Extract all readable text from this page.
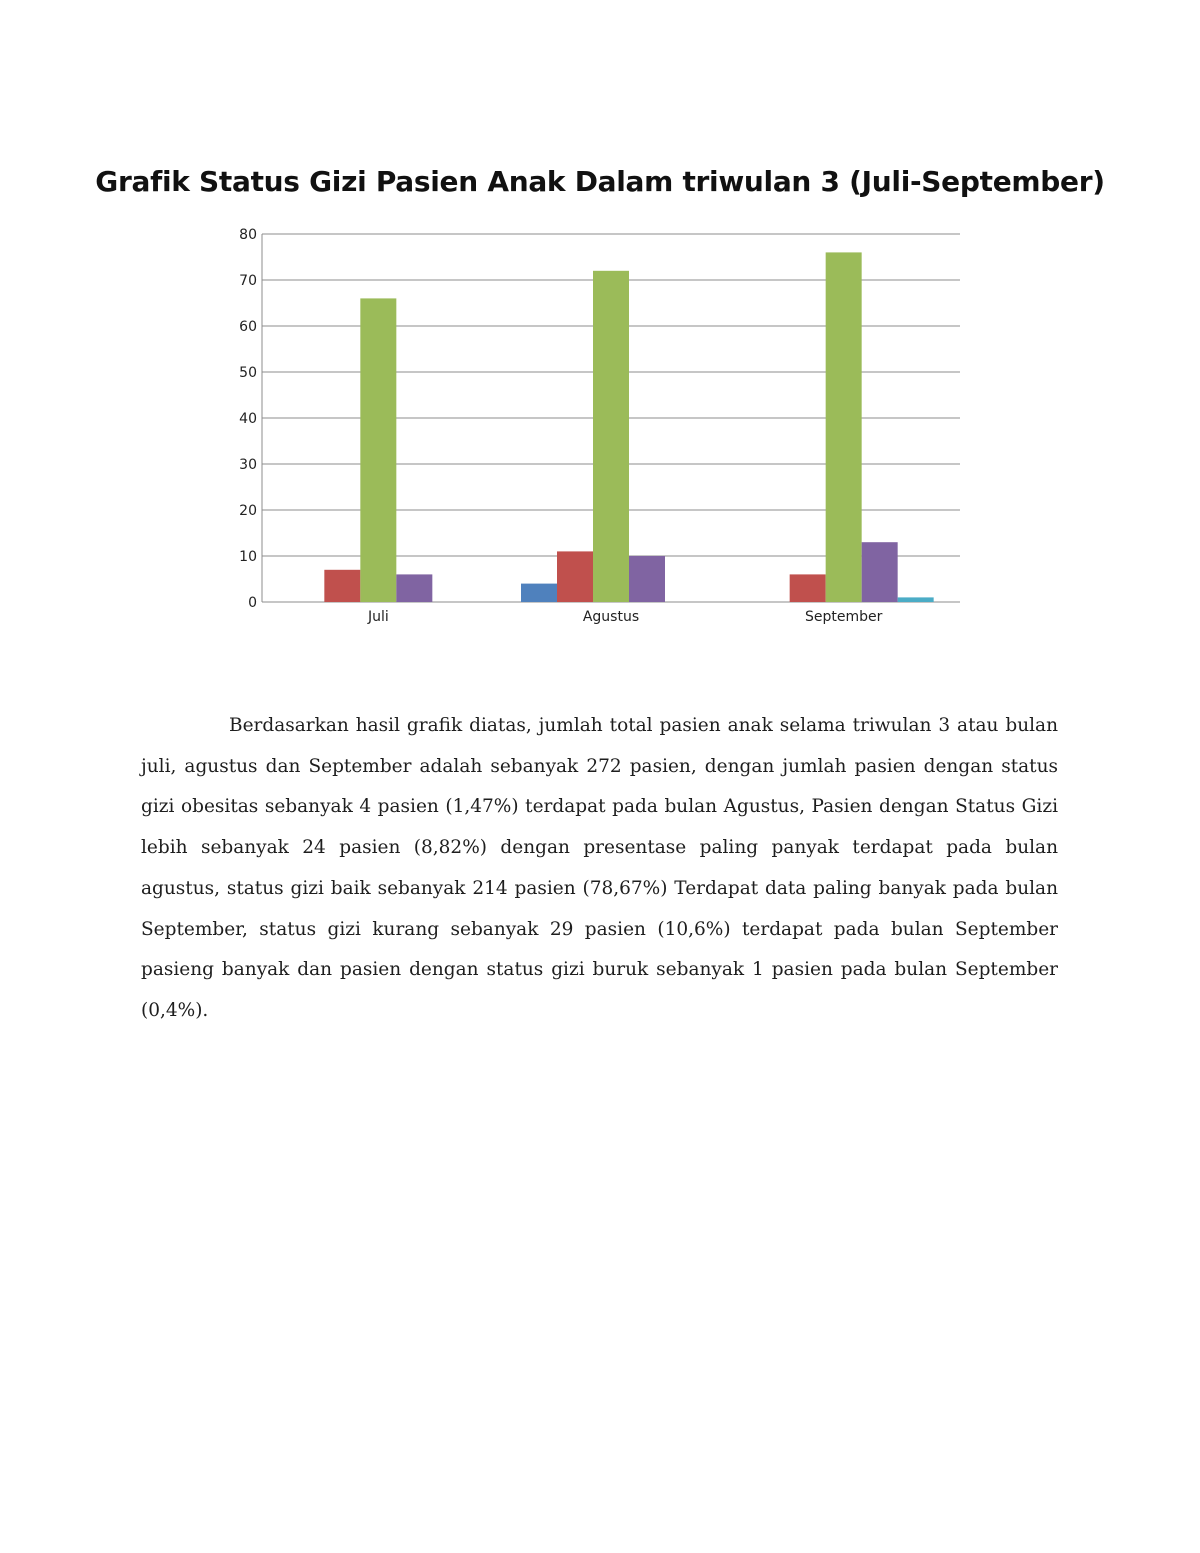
Grafik Status Gizi Pasien Anak Dalam triwulan 3 (Juli-September)
0
10
20
30
40
50
60
70
80
Juli	Agustus	September

Berdasarkan hasil grafik diatas, jumlah total pasien anak selama triwulan 3 atau bulan juli, agustus dan September adalah sebanyak 272 pasien, dengan jumlah pasien dengan status gizi obesitas sebanyak 4 pasien (1,47%) terdapat pada bulan Agustus, Pasien dengan Status Gizi lebih sebanyak 24 pasien (8,82%) dengan presentase paling panyak terdapat pada bulan agustus, status gizi baik sebanyak 214 pasien (78,67%) Terdapat data paling banyak pada bulan September, status gizi kurang sebanyak 29 pasien (10,6%) terdapat pada bulan September pasieng banyak dan pasien dengan status gizi buruk sebanyak 1 pasien pada bulan September (0,4%).
